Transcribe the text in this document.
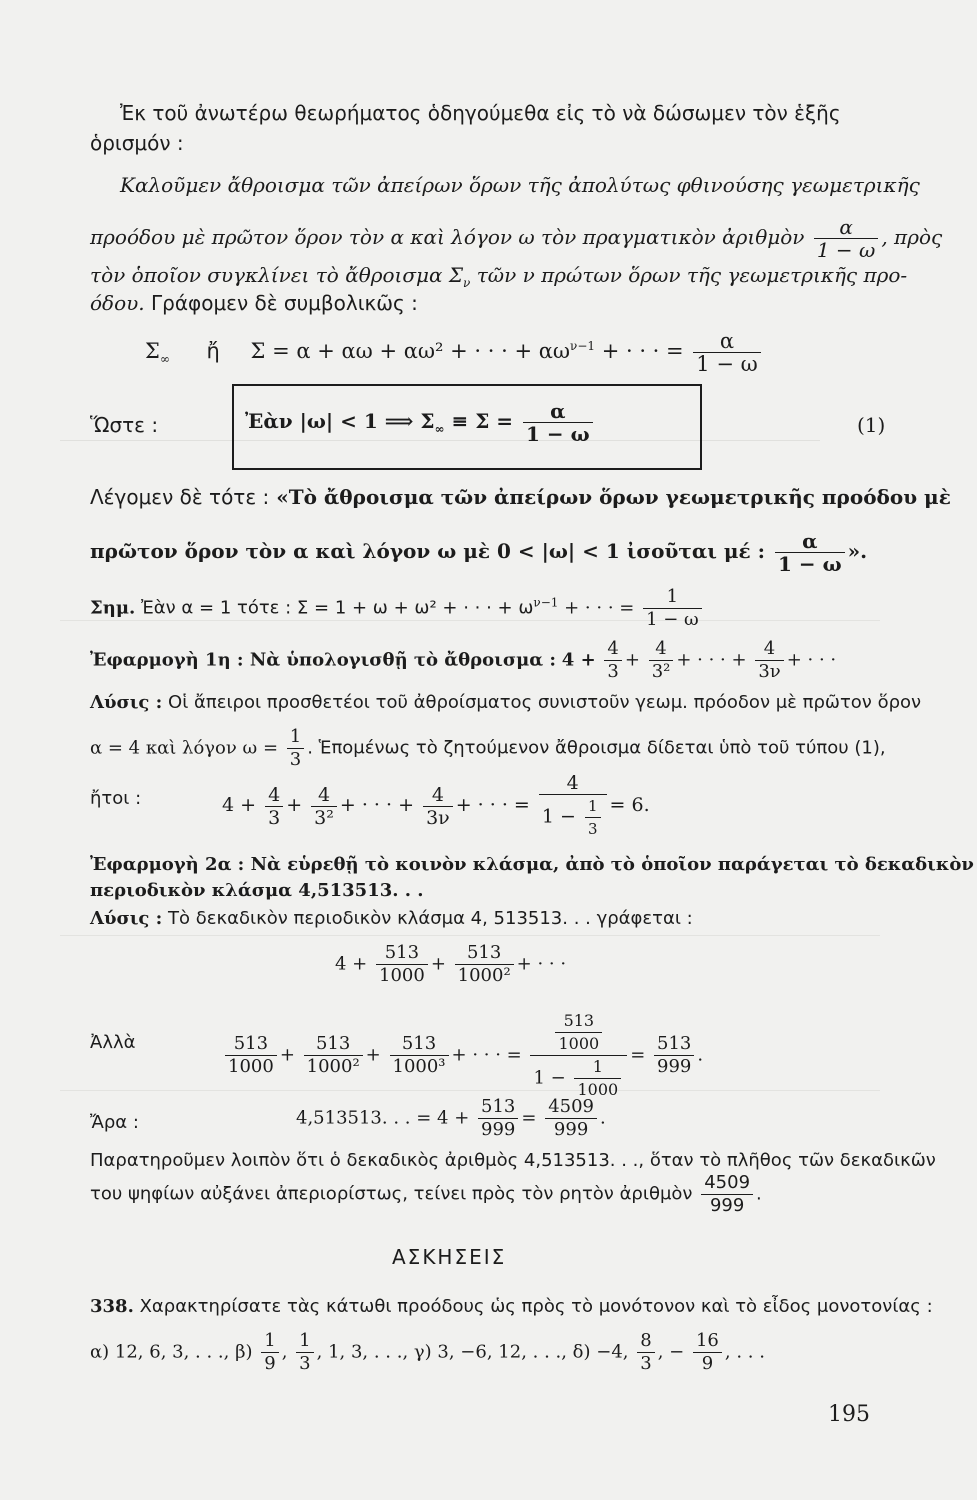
Ἐκ τοῦ ἀνωτέρω θεωρήματος ὁδηγούμεθα εἰς τὸ νὰ δώσωμεν τὸν ἑξῆς
ὁρισμόν :
Καλοῦμεν ἄθροισμα τῶν ἀπείρων ὅρων τῆς ἀπολύτως φθινούσης γεωμετρικῆς
προόδου μὲ πρῶτον ὅρον τὸν α καὶ λόγον ω τὸν πραγματικὸν ἀριθμὸν $\frac{\alpha}{1 - \omega}$ , πρὸς
τὸν ὁποῖον συγκλίνει τὸ ἄθροισμα $\Sigma_\nu$ τῶν ν πρώτων ὅρων τῆς γεωμετρικῆς προ-
όδου. Γράφομεν δὲ συμβολικῶς :
$\Sigma_\infty$ ἤ Σ = α + αω + αω² + · · · + $\alpha\omega^{\nu-1}$ + · · · = $\frac{\alpha}{1 - \omega}$
Ὥστε :	Ἐὰν |ω| < 1 ⟹ $\Sigma_\infty \equiv \Sigma = \frac{\alpha}{1 - \omega}$	(1)
Λέγομεν δὲ τότε : «Τὸ ἄθροισμα τῶν ἀπείρων ὅρων γεωμετρικῆς προόδου μὲ
πρῶτον ὅρον τὸν α καὶ λόγον ω μὲ 0 < |ω| < 1 ἰσοῦται μέ : $\frac{\alpha}{1 - \omega}$ ».
Σημ. Ἐὰν α = 1 τότε : Σ = 1 + ω + ω² + · · · + $\omega^{\nu-1}$ + · · · = $\frac{1}{1 - \omega}$
Ἐφαρμογὴ 1η : Νὰ ὑπολογισθῇ τὸ ἄθροισμα : $4 + \frac{4}{3} + \frac{4}{\text{3²}}$ + · · · + $\frac{4}{3\nu}$ + · · ·
Λύσις : Οἱ ἄπειροι προσθετέοι τοῦ ἀθροίσματος συνιστοῦν γεωμ. πρόοδον μὲ πρῶτον ὅρον
α = 4 καὶ λόγον $\omega = \frac{1}{3}$ . Ἑπομένως τὸ ζητούμενον ἄθροισμα δίδεται ὑπὸ τοῦ τύπου (1),
ἤτοι :	$4 + \frac{4}{3} + \frac{4}{\text{3²}}$ + · · · + $\frac{4}{3\nu}$ + · · · = $\frac{4}{1 - \frac{1}{3}} = 6$.
Ἐφαρμογὴ 2α : Νὰ εὑρεθῇ τὸ κοινὸν κλάσμα, ἀπὸ τὸ ὁποῖον παράγεται τὸ δεκαδικὸν
περιοδικὸν κλάσμα 4,513513. . .
Λύσις : Τὸ δεκαδικὸν περιοδικὸν κλάσμα 4, 513513. . . γράφεται :
$4 + \frac{513}{1000} + \frac{513}{\text{1000²}}$ + · · ·
Ἀλλὰ	$\frac{513}{1000} + \frac{513}{\text{1000²}} + \frac{513}{\text{1000³}}$ + · · · = $\frac{\frac{513}{1000}}{1 - \frac{1}{1000}} = \frac{513}{999}$ .
Ἄρα :	4,513513. . . = $4 + \frac{513}{999} = \frac{4509}{999}$ .
Παρατηροῦμεν λοιπὸν ὅτι ὁ δεκαδικὸς ἀριθμὸς 4,513513. . ., ὅταν τὸ πλῆθος τῶν δεκαδικῶν
του ψηφίων αὐξάνει ἀπεριορίστως, τείνει πρὸς τὸν ρητὸν ἀριθμὸν $\frac{4509}{999}$ .
ΑΣΚΗΣΕΙΣ
338. Χαρακτηρίσατε τὰς κάτωθι προόδους ὡς πρὸς τὸ μονότονον καὶ τὸ εἶδος μονοτονίας :
α) 12, 6, 3, . . ., $\beta) \frac{1}{9}$ , $\frac{1}{3}$ , 1, 3, . . ., γ) 3, −6, 12, . . ., δ) −4, $\frac{8}{3}$ , − $\frac{16}{9}$ , . . .
195
